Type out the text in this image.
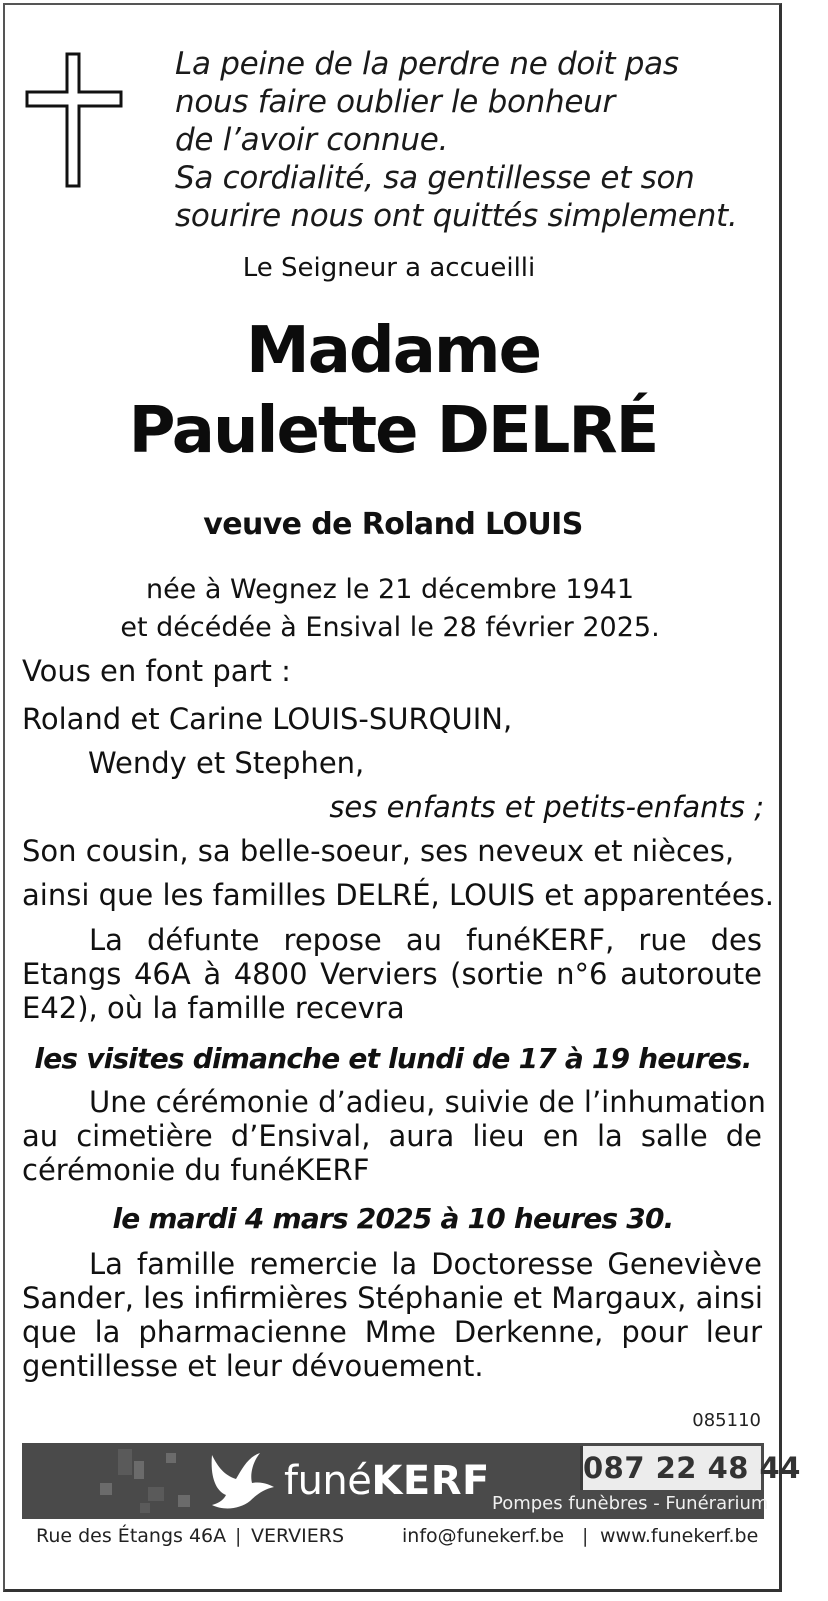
La peine de la perdre ne doit pas
nous faire oublier le bonheur
de l’avoir connue.
Sa cordialité, sa gentillesse et son
sourire nous ont quittés simplement.
Le Seigneur a accueilli
Madame
Paulette DELRÉ
veuve de Roland LOUIS
née à Wegnez le 21 décembre 1941
et décédée à Ensival le 28 février 2025.
Vous en font part :
Roland et Carine LOUIS-SURQUIN,
Wendy et Stephen,
ses enfants et petits-enfants ;
Son cousin, sa belle-soeur, ses neveux et nièces,
ainsi que les familles DELRÉ, LOUIS et apparentées.
La défunte repose au funéKERF, rue des
Etangs 46A à 4800 Verviers (sortie n°6 autoroute
E42), où la famille recevra
les visites dimanche et lundi de 17 à 19 heures.
Une cérémonie d’adieu, suivie de l’inhumation
au cimetière d’Ensival, aura lieu en la salle de
cérémonie du funéKERF
le mardi 4 mars 2025 à 10 heures 30.
La famille remercie la Doctoresse Geneviève
Sander, les infirmières Stéphanie et Margaux, ainsi
que la pharmacienne Mme Derkenne, pour leur
gentillesse et leur dévouement.
085110
funéKERF	087 22 48 44
Pompes funèbres - Funérarium
Rue des Étangs 46A | VERVIERS	info@funekerf.be | www.funekerf.be
